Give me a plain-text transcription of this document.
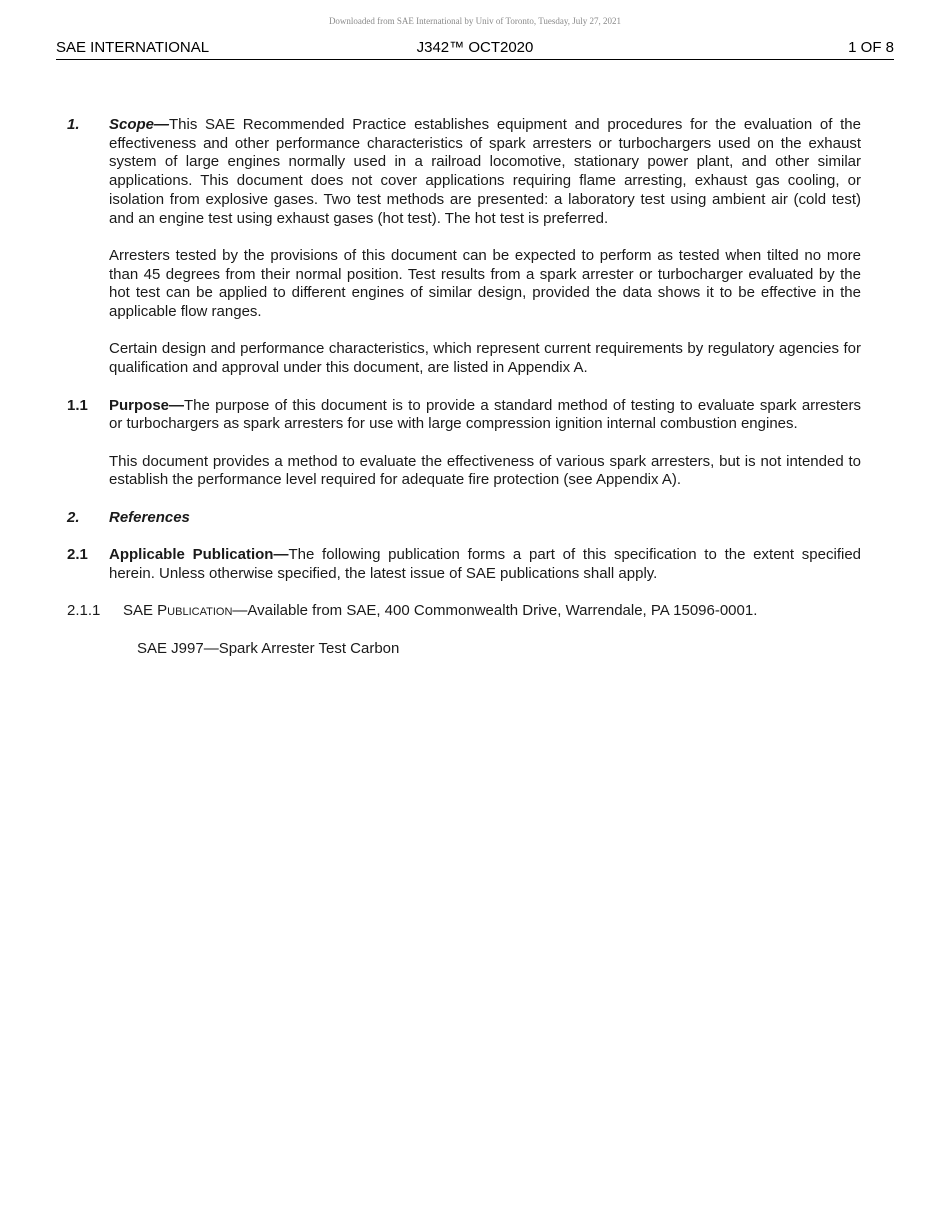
Downloaded from SAE International by Univ of Toronto, Tuesday, July 27, 2021
SAE INTERNATIONAL	J342™ OCT2020	1 OF 8
1. Scope—This SAE Recommended Practice establishes equipment and procedures for the evaluation of the effectiveness and other performance characteristics of spark arresters or turbochargers used on the exhaust system of large engines normally used in a railroad locomotive, stationary power plant, and other similar applications. This document does not cover applications requiring flame arresting, exhaust gas cooling, or isolation from explosive gases. Two test methods are presented: a laboratory test using ambient air (cold test) and an engine test using exhaust gases (hot test). The hot test is preferred.

Arresters tested by the provisions of this document can be expected to perform as tested when tilted no more than 45 degrees from their normal position. Test results from a spark arrester or turbocharger evaluated by the hot test can be applied to different engines of similar design, provided the data shows it to be effective in the applicable flow ranges.

Certain design and performance characteristics, which represent current requirements by regulatory agencies for qualification and approval under this document, are listed in Appendix A.

1.1 Purpose—The purpose of this document is to provide a standard method of testing to evaluate spark arresters or turbochargers as spark arresters for use with large compression ignition internal combustion engines.

This document provides a method to evaluate the effectiveness of various spark arresters, but is not intended to establish the performance level required for adequate fire protection (see Appendix A).

2. References
2.1 Applicable Publication—The following publication forms a part of this specification to the extent specified herein. Unless otherwise specified, the latest issue of SAE publications shall apply.
2.1.1 SAE Publication—Available from SAE, 400 Commonwealth Drive, Warrendale, PA 15096-0001.

SAE J997—Spark Arrester Test Carbon
